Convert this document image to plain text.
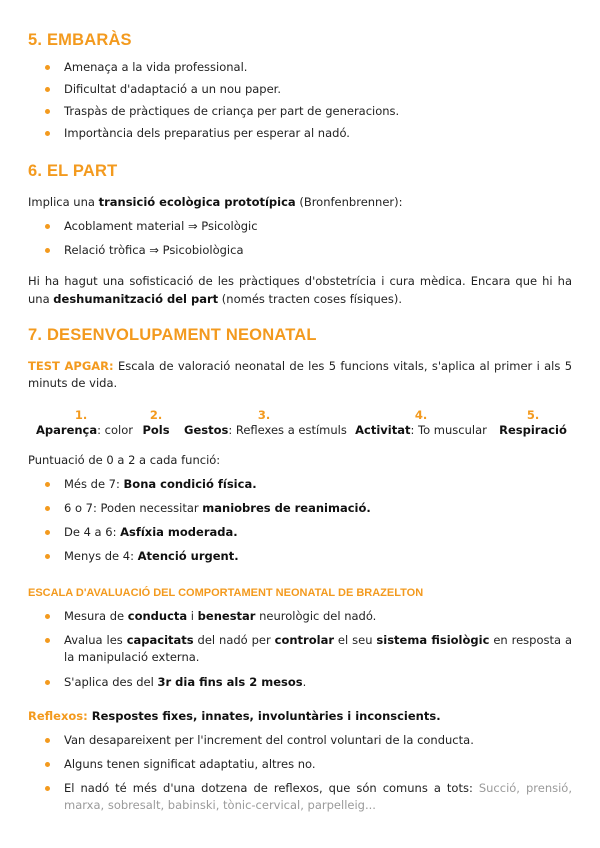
5. EMBARÀS
Amenaça a la vida professional.
Dificultat d'adaptació a un nou paper.
Traspàs de pràctiques de criança per part de generacions.
Importància dels preparatius per esperar al nadó.
6. EL PART

Implica una transició ecològica prototípica (Bronfenbrenner):

Acoblament material ⇒ Psicològic
Relació tròfica ⇒ Psicobiològica

Hi ha hagut una sofisticació de les pràctiques d'obstetrícia i cura mèdica. Encara que hi ha una deshumanització del part (només tracten coses físiques).

7. DESENVOLUPAMENT NEONATAL

TEST APGAR: Escala de valoració neonatal de les 5 funcions vitals, s'aplica al primer i als 5 minuts de vida.

1.
Aparença: color
2.
Pols
3.
Gestos: Reflexes a estímuls
4.
Activitat: To muscular
5.
Respiració

Puntuació de 0 a 2 a cada funció:

Més de 7: Bona condició física.
6 o 7: Poden necessitar maniobres de reanimació.
De 4 a 6: Asfíxia moderada.
Menys de 4: Atenció urgent.
ESCALA D'AVALUACIÓ DEL COMPORTAMENT NEONATAL DE BRAZELTON
Mesura de conducta i benestar neurològic del nadó.
Avalua les capacitats del nadó per controlar el seu sistema fisiològic en resposta a la manipulació externa.
S'aplica des del 3r dia fins als 2 mesos.

Reflexos: Respostes fixes, innates, involuntàries i inconscients.

Van desapareixent per l'increment del control voluntari de la conducta.
Alguns tenen significat adaptatiu, altres no.
El nadó té més d'una dotzena de reflexos, que són comuns a tots: Succió, prensió, marxa, sobresalt, babinski, tònic-cervical, parpelleig...
